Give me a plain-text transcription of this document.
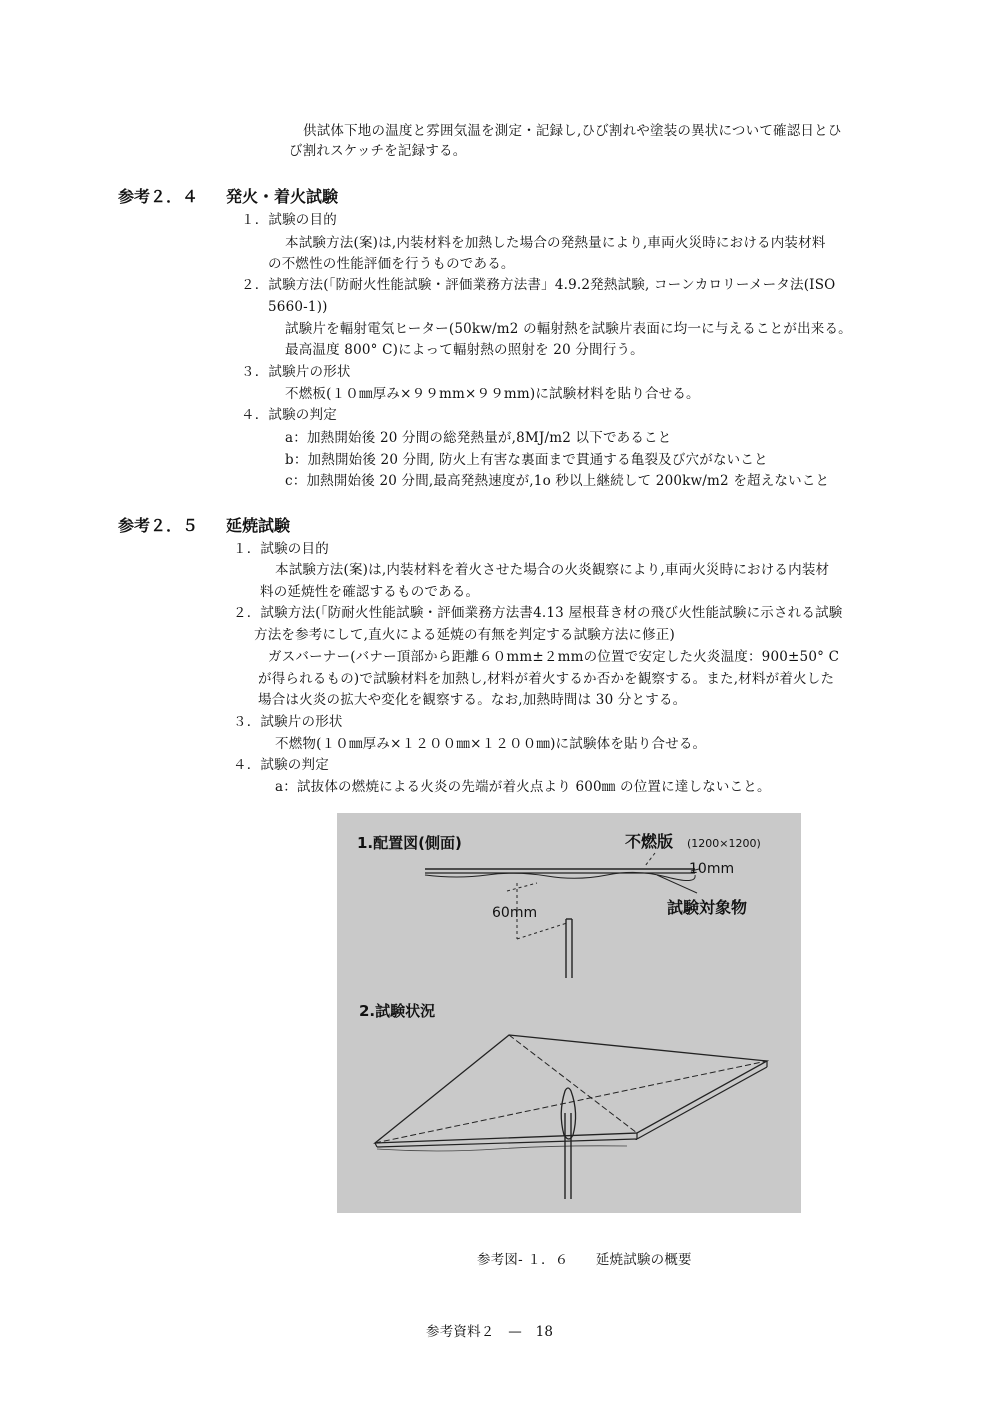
供試体下地の温度と雰囲気温を測定・記録し,ひび割れや塗装の異状について確認日とひ
び割れスケッチを記録する。
参考２．４ 発火・着火試験
１．試験の目的
本試験方法(案)は,内装材料を加熱した場合の発熱量により,車両火災時における内装材料
の不燃性の性能評価を行うものである。
２．試験方法(「防耐火性能試験・評価業務方法書」4.9.2発熱試験, コーンカロリーメータ法(ISO
5660-1))
試験片を輻射電気ヒーター(50kw/m2 の輻射熱を試験片表面に均一に与えることが出来る。
最高温度 800° C)によって輻射熱の照射を 20 分間行う。
３．試験片の形状
不燃板(１０㎜厚み×９９mm×９９mm)に試験材料を貼り合せる。
４．試験の判定
a：加熱開始後 20 分間の総発熱量が,8MJ/m2 以下であること
b：加熱開始後 20 分間, 防火上有害な裏面まで貫通する亀裂及び穴がないこと
c：加熱開始後 20 分間,最高発熱速度が,1o 秒以上継続して 200kw/m2 を超えないこと
参考２．５ 延焼試験
１．試験の目的
本試験方法(案)は,内装材料を着火させた場合の火炎観察により,車両火災時における内装材
料の延焼性を確認するものである。
２．試験方法(「防耐火性能試験・評価業務方法書4.13 屋根葺き材の飛び火性能試験に示される試験
方法を参考にして,直火による延焼の有無を判定する試験方法に修正)
ガスバーナー(バナー頂部から距離６０mm±２mmの位置で安定した火炎温度：900±50° C
が得られるもの)で試験材料を加熱し,材料が着火するか否かを観察する。また,材料が着火した
場合は火炎の拡大や変化を観察する。なお,加熱時間は 30 分とする。
３．試験片の形状
不燃物(１０㎜厚み×１２００㎜×１２００㎜)に試験体を貼り合せる。
４．試験の判定
a：試抜体の燃焼による火炎の先端が着火点より 600㎜ の位置に達しないこと。
1.配置図(側面)	不燃版 (1200×1200)
10mm
試験対象物
60mm
2.試験状況
参考図- １．６　　延焼試験の概要
参考資料２　—　18
